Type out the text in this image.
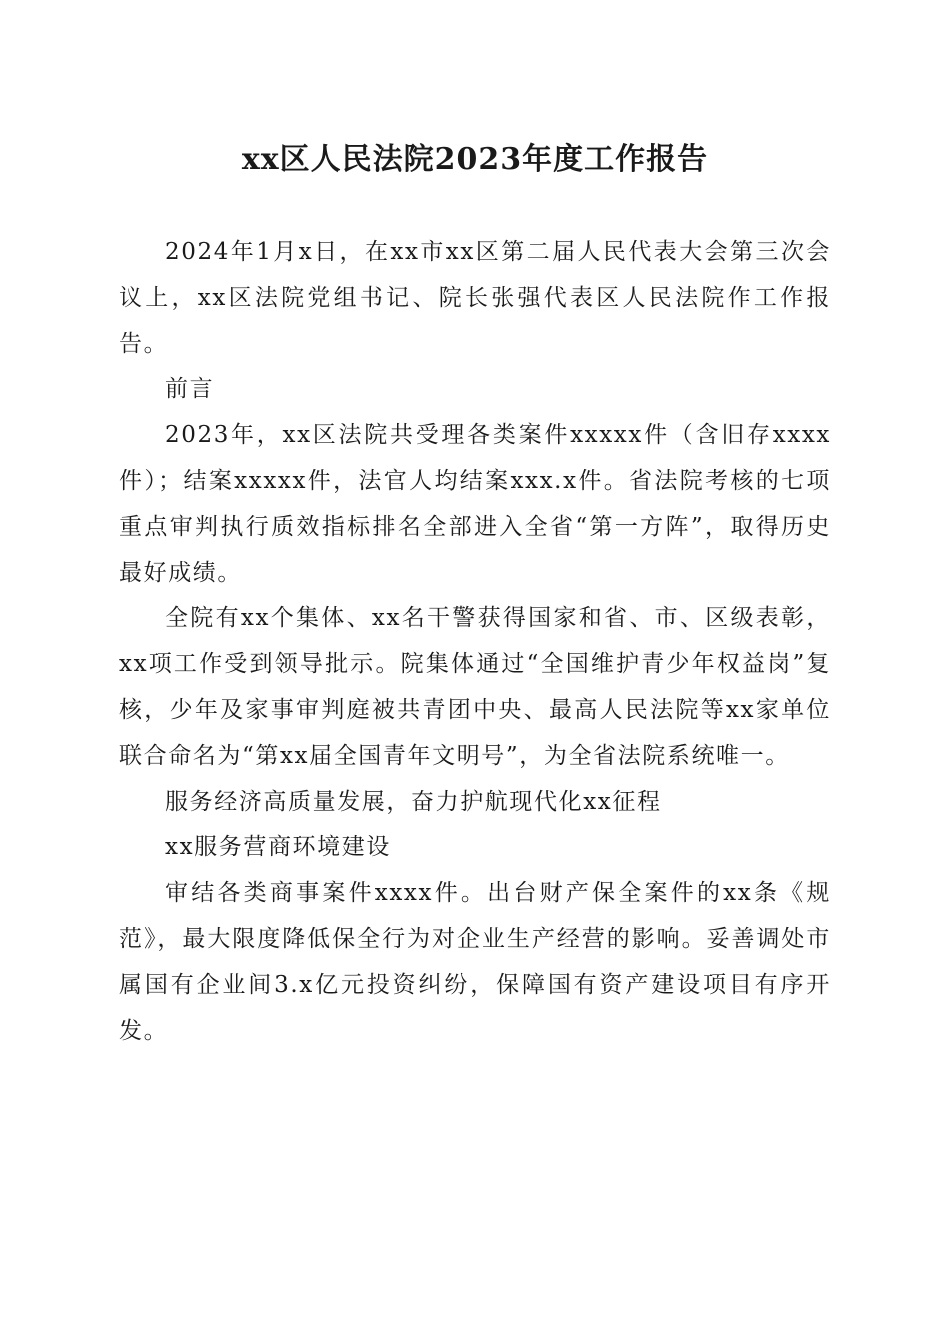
xx区人民法院2023年度工作报告

2024年1月x日，在xx市xx区第二届人民代表大会第三次会议上，xx区法院党组书记、院长张强代表区人民法院作工作报告。

前言

2023年，xx区法院共受理各类案件xxxxx件（含旧存xxxx件）；结案xxxxx件，法官人均结案xxx.x件。省法院考核的七项重点审判执行质效指标排名全部进入全省“第一方阵”，取得历史最好成绩。

全院有xx个集体、xx名干警获得国家和省、市、区级表彰，xx项工作受到领导批示。院集体通过“全国维护青少年权益岗”复核，少年及家事审判庭被共青团中央、最高人民法院等xx家单位联合命名为“第xx届全国青年文明号”，为全省法院系统唯一。

服务经济高质量发展，奋力护航现代化xx征程

xx服务营商环境建设

审结各类商事案件xxxx件。出台财产保全案件的xx条《规范》，最大限度降低保全行为对企业生产经营的影响。妥善调处市属国有企业间3.x亿元投资纠纷，保障国有资产建设项目有序开发。
